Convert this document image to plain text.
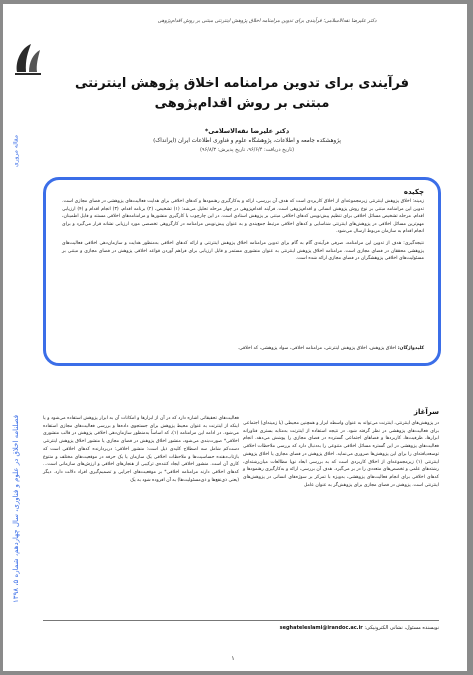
دکتر علیرضا نقه‌الاسلامی؛ فرآیندی برای تدوین مرامنامه اخلاق پژوهش اینترنتی مبتنی بر روش اقدام‌پژوهی
فرآیندی برای تدوین مرامنامه اخلاق پژوهش اینترنتی مبتنی بر روش اقدام‌پژوهی
دکتر علیرضا نقه‌الاسلامی*
پژوهشکده جامعه و اطلاعات، پژوهشگاه علوم و فناوری اطلاعات ایران (ایرانداک)
(تاریخ دریافت: ۹۶/۶/۴، تاریخ پذیرش: ۹۶/۸/۳)
مقاله مروری
فصلنامه اخلاق در علوم و فناوری، سال چهاردهم، شماره ۵، ۱۳۹۸
چکیده

زمینه: اخلاق پژوهش اینترنتی زیرمجموعه‌ای از اخلاق کاربردی است که هدف آن بررسی، ارائه و به‌کارگیری رهنمودها و کدهای اخلاقی برای هدایت فعالیت‌های پژوهشی در فضای مجازی است. تدوین این مرامنامه مبتنی بر نوع روش پژوهش انسانی و اقدام‌پژوهی است. فرآیند اقدام‌پژوهی در چهار مرحله تحلیل می‌شد: (۱) تشخیص، (۲) برنامه اقدام، (۳) انجام اقدام و (۴) ارزیابی اقدام. مرحله تشخیص مسائل اخلاقی برای تنظیم پیش‌نویس کدهای اخلاقی مبتنی بر پژوهش استادی است. در این چارچوب با کارگیری منشورها و مرامنامه‌های اخلاقی مستند و فایل اطمینان، مهم‌ترین مسائل اخلاقی در پژوهش‌های اینترنتی شناسایی و کدهای اخلاقی مرتبط جمع‌بندی و به عنوان پیش‌نویس مرامنامه در کارگروهی تخصصی مورد ارزیابی نشانه قرار می‌گیرد و برای انجام اقدام به سازمان مربوط ارسال می‌شود.

نتیجه‌گیری: هدف از تدوین این مرامنامه، صرفی فرآیندی گام به گام برای تدوین مرامنامه اخلاق پژوهش اینترنتی و ارائه کدهای اخلاقی به‌منظور هدایت و سازمان‌دهی اخلاقی فعالیت‌های پژوهشی محققان در فضای مجازی است. مرامنامه اخلاق پژوهش اینترنتی به عنوان منشوری مستمر و قابل ارزیابی برای فراهم آوردن قواعد اخلاقی پژوهش در فضای مجازی و مبتنی بر مسئولیت‌های اخلاقی پژوهشگران در فضای مجازی ارائه شده است.

کلیدواژگان: اخلاق پژوهش، اخلاق پژوهش اینترنتی، مرامنامه اخلاقی، سواد پژوهشی، کد اخلاقی.
سرآغاز

در پژوهش‌های اینترنتی، اینترنت می‌تواند به عنوان واسطه ابزار و همچنین محیطی (یا زمینه‌ای) اجتماعی برای فعالیت‌های پژوهشی در نظر گرفته شود. در نتیجه استفاده از اینترنت به‌مثابه بستری فناورانه ابزارها، ظرفیت‌ها، کاربردها و فضاهای اجتماعی گسترده در فضای مجازی را پوشش می‌دهد. انجام فعالیت‌های پژوهشی در این گستره مسائل اخلاقی متنوعی را به‌دنبال دارد که بررسی ملاحظات اخلاقی توسعه‌یافته‌ای را برای این پژوهش‌ها ضروری می‌نماید. اخلاق پژوهش در فضای مجازی یا اخلاق پژوهش اینترنتی (۱) زیرمجموعه‌ای از اخلاق کاربردی است که به بررسی ابعاد نوپا مطالعات میان‌رشته‌ای، رشته‌های علمی و تخصص‌های متعددی را در بر می‌گیرد. هدف آن بررسی، ارائه و به‌کارگیری رهنمودها و کدهای اخلاقی برای انجام فعالیت‌های پژوهشی، به‌ویژه با تمرکز بر سوژه‌های انسانی در پژوهش‌های اینترنتی است. پژوهش در فضای مجازی برای پژوهش‌گر به عنوان عامل

فعالیت‌های تحقیقاتی اشاره دارد که در آن از ابزارها و امکانات آن به ابزار پژوهش استفاده می‌شود و یا اینکه از اینترنت به عنوان محیط پژوهش برای جستجوی داده‌ها و بررسی فعالیت‌های مجازی استفاده می‌شود. در ادامه این مرامنامه (۱)، که اساساً به‌منظور سازمان‌دهی اخلاقی پژوهش در قالب منشوری اخلاقی* صورت‌بندی می‌شود، منشور اخلاق پژوهش در فضای مجازی یا منشور اخلاق پژوهش اینترنتی دست‌کم شامل سه اصطلاح کلیدی ذیل است: منشور اخلاقی: دربردارنده کدهای اخلاقی است که بازتاب‌دهنده حساسیت‌ها و ملاحظات اخلاقی یک سازمان یا یک حرفه در موقعیت‌های مختلف و متنوع کاری آن است. منشور اخلاقی ایجاد کننده‌ی ترکیبی از هنجارهای اخلاقی و ارزش‌های سازمانی است... کدهای اخلاقی دارند مرامنامه اخلاقی* بر موقعیت‌های اجرایی و تصمیم‌گیری افراد دلالت دارد. دیگر (یعنی ذی‌نفع‌ها و ذی‌مسئولیت‌ها) به آن افزوده شود به یک

نویسنده مسئول، نشانی الکترونیکی: seghateleslami@irandoc.ac.ir
۱
